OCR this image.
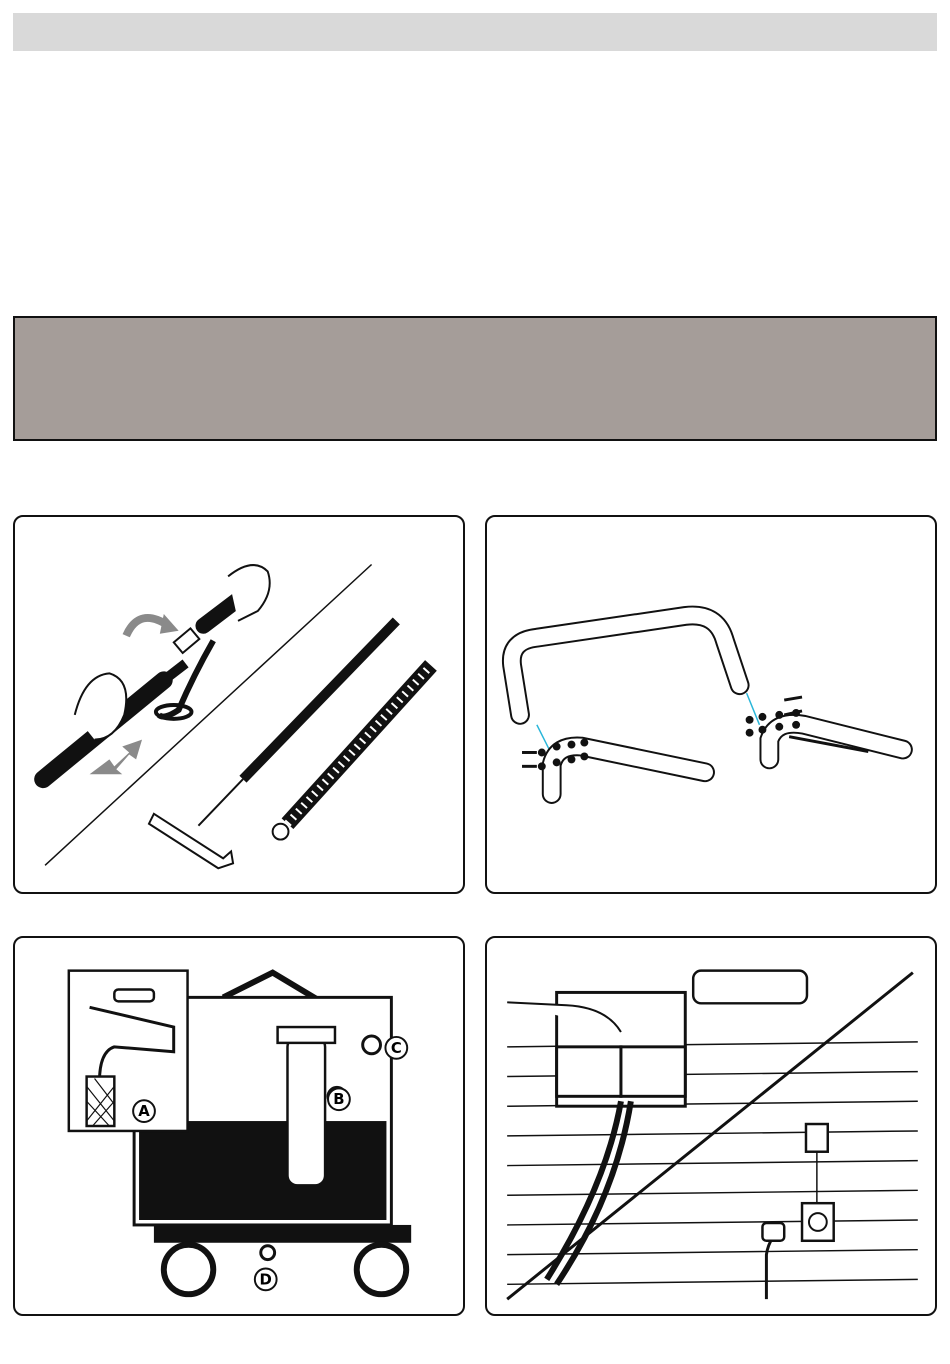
A
B
C
D
